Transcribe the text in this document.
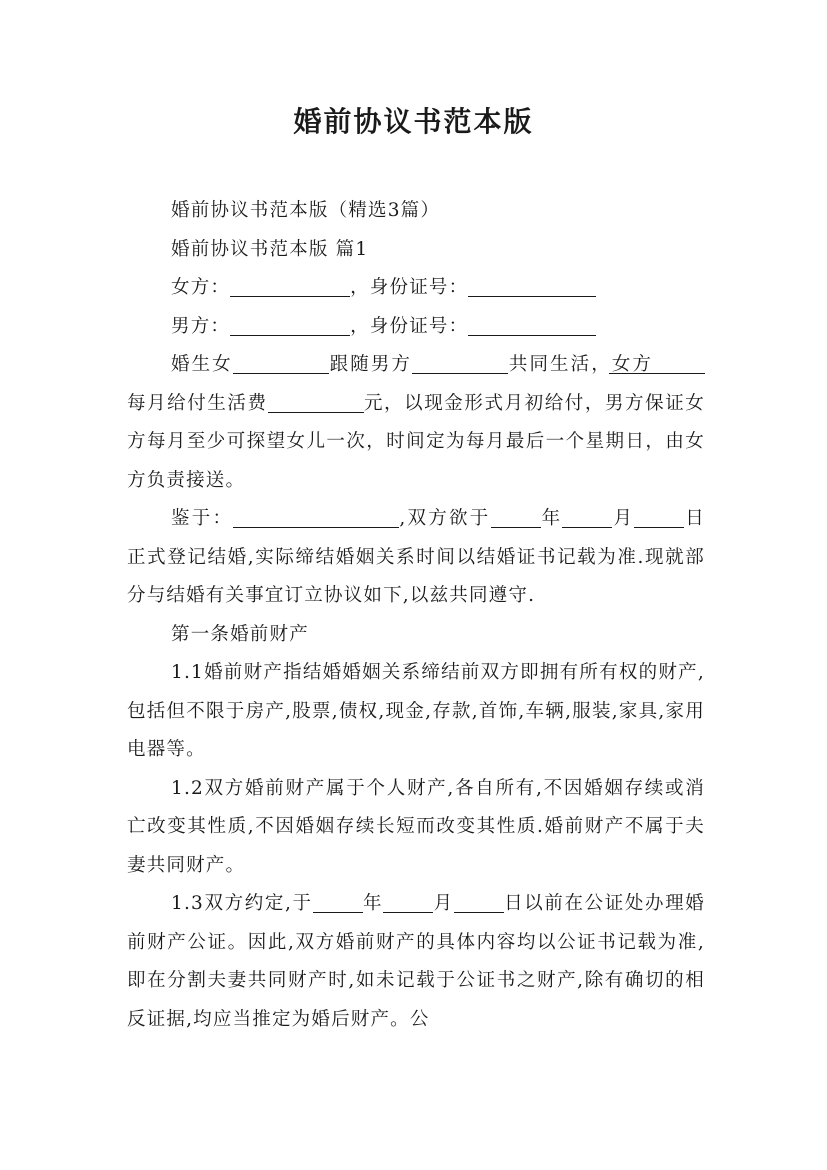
婚前协议书范本版

婚前协议书范本版（精选3篇）

婚前协议书范本版 篇1

女方：	，身份证号：

男方：	，身份证号：

婚生女	跟随男方	共同生活，女方每月给付生活费	元，以现金形式月初给付，男方保证女方每月至少可探望女儿一次，时间定为每月最后一个星期日，由女方负责接送。

鉴于：	,双方欲于	年	月	日正式登记结婚,实际缔结婚姻关系时间以结婚证书记载为准.现就部分与结婚有关事宜订立协议如下,以兹共同遵守.

第一条婚前财产

1.1婚前财产指结婚婚姻关系缔结前双方即拥有所有权的财产,包括但不限于房产,股票,债权,现金,存款,首饰,车辆,服装,家具,家用电器等。

1.2双方婚前财产属于个人财产,各自所有,不因婚姻存续或消亡改变其性质,不因婚姻存续长短而改变其性质.婚前财产不属于夫妻共同财产。

1.3双方约定,于	年	月	日以前在公证处办理婚前财产公证。因此,双方婚前财产的具体内容均以公证书记载为准,即在分割夫妻共同财产时,如未记载于公证书之财产,除有确切的相反证据,均应当推定为婚后财产。公
